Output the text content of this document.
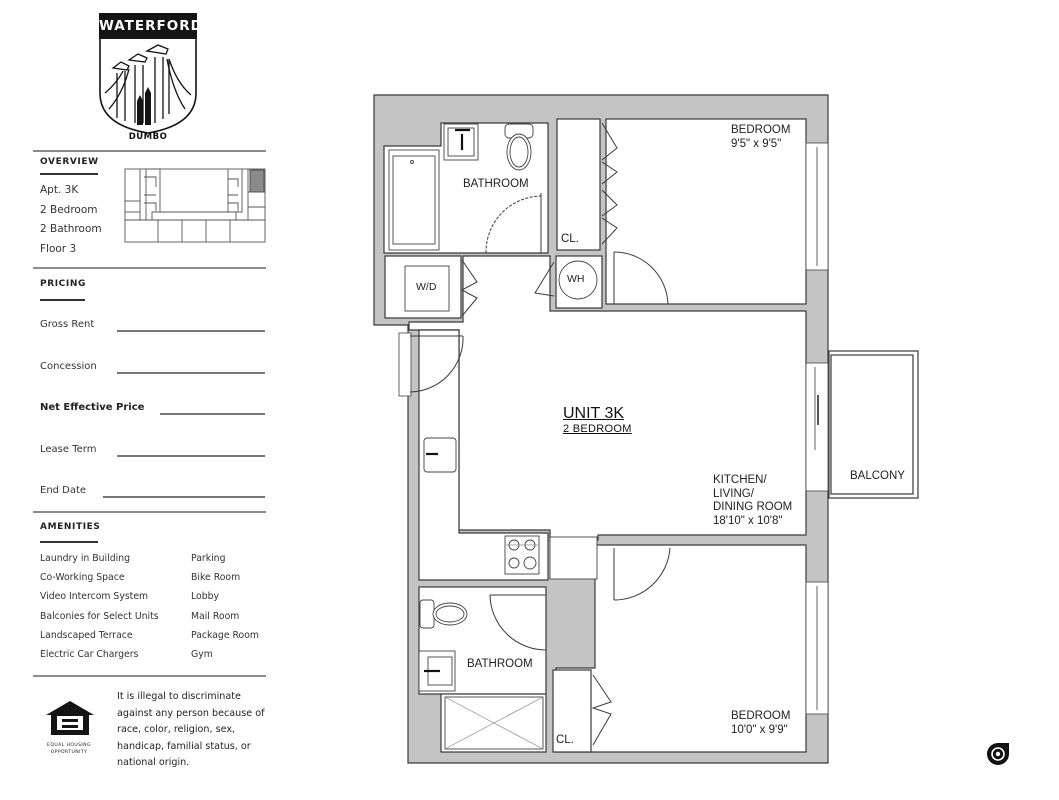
WATERFORD
DUMBO
OVERVIEW
Apt. 3K
2 Bedroom
2 Bathroom
Floor 3
PRICING
Gross Rent
Concession
Net Effective Price
Lease Term
End Date
AMENITIES
Laundry in Building
Co-Working Space
Video Intercom System
Balconies for Select Units
Landscaped Terrace
Electric Car Chargers
Parking
Bike Room
Lobby
Mail Room
Package Room
Gym
EQUAL HOUSING
OPPORTUNITY
It is illegal to discriminate against any person because of race, color, religion, sex, handicap, familial status, or national origin.
UNIT 3K
2 BEDROOM
BEDROOM
9'5" x 9'5"
BATHROOM
CL.
W/D
WH
KITCHEN/
LIVING/
DINING ROOM
18'10" x 10'8"
BALCONY
BATHROOM
CL.
BEDROOM
10'0" x 9'9"
